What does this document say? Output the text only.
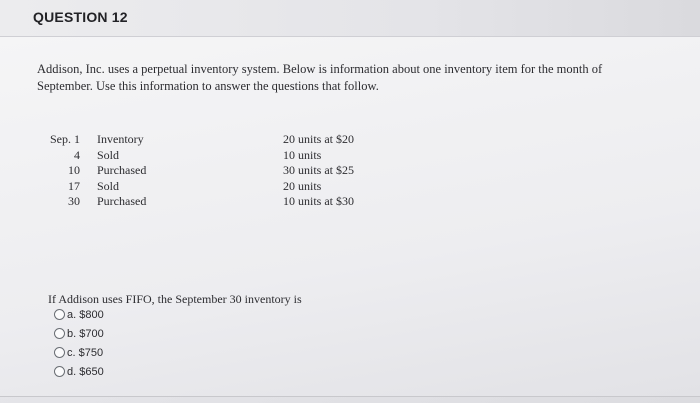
QUESTION 12
Addison, Inc. uses a perpetual inventory system. Below is information about one inventory item for the month of
September. Use this information to answer the questions that follow.
Sep. 1
4
10
17
30
Inventory
Sold
Purchased
Sold
Purchased
20 units at $20
10 units
30 units at $25
20 units
10 units at $30
If Addison uses FIFO, the September 30 inventory is
a. $800
b. $700
c. $750
d. $650
